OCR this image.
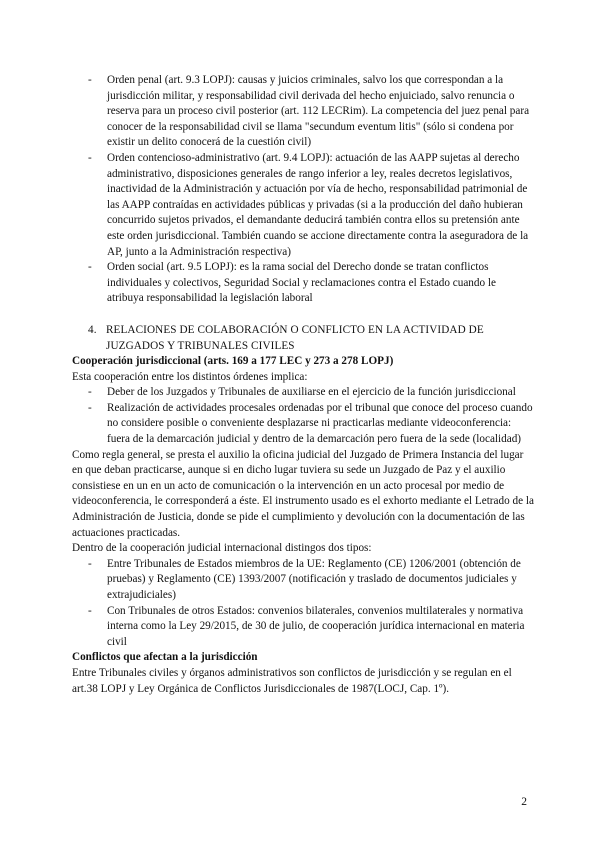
- Orden penal (art. 9.3 LOPJ): causas y juicios criminales, salvo los que correspondan a la jurisdicción militar, y responsabilidad civil derivada del hecho enjuiciado, salvo renuncia o reserva para un proceso civil posterior (art. 112 LECRim). La competencia del juez penal para conocer de la responsabilidad civil se llama "secundum eventum litis" (sólo si condena por existir un delito conocerá de la cuestión civil)
- Orden contencioso-administrativo (art. 9.4 LOPJ): actuación de las AAPP sujetas al derecho administrativo, disposiciones generales de rango inferior a ley, reales decretos legislativos, inactividad de la Administración y actuación por vía de hecho, responsabilidad patrimonial de las AAPP contraídas en actividades públicas y privadas (si a la producción del daño hubieran concurrido sujetos privados, el demandante deducirá también contra ellos su pretensión ante este orden jurisdiccional. También cuando se accione directamente contra la aseguradora de la AP, junto a la Administración respectiva)
- Orden social (art. 9.5 LOPJ): es la rama social del Derecho donde se tratan conflictos individuales y colectivos, Seguridad Social y reclamaciones contra el Estado cuando le atribuya responsabilidad la legislación laboral
4. RELACIONES DE COLABORACIÓN O CONFLICTO EN LA ACTIVIDAD DE JUZGADOS Y TRIBUNALES CIVILES

Cooperación jurisdiccional (arts. 169 a 177 LEC y 273 a 278 LOPJ)

Esta cooperación entre los distintos órdenes implica:

- Deber de los Juzgados y Tribunales de auxiliarse en el ejercicio de la función jurisdiccional
- Realización de actividades procesales ordenadas por el tribunal que conoce del proceso cuando no considere posible o conveniente desplazarse ni practicarlas mediante videoconferencia: fuera de la demarcación judicial y dentro de la demarcación pero fuera de la sede (localidad)

Como regla general, se presta el auxilio la oficina judicial del Juzgado de Primera Instancia del lugar en que deban practicarse, aunque si en dicho lugar tuviera su sede un Juzgado de Paz y el auxilio consistiese en un en un acto de comunicación o la intervención en un acto procesal por medio de videoconferencia, le corresponderá a éste. El instrumento usado es el exhorto mediante el Letrado de la Administración de Justicia, donde se pide el cumplimiento y devolución con la documentación de las actuaciones practicadas.

Dentro de la cooperación judicial internacional distingos dos tipos:

- Entre Tribunales de Estados miembros de la UE: Reglamento (CE) 1206/2001 (obtención de pruebas) y Reglamento (CE) 1393/2007 (notificación y traslado de documentos judiciales y extrajudiciales)
- Con Tribunales de otros Estados: convenios bilaterales, convenios multilaterales y normativa interna como la Ley 29/2015, de 30 de julio, de cooperación jurídica internacional en materia civil

Conflictos que afectan a la jurisdicción

Entre Tribunales civiles y órganos administrativos son conflictos de jurisdicción y se regulan en el art.38 LOPJ y Ley Orgánica de Conflictos Jurisdiccionales de 1987(LOCJ, Cap. 1º).

2
